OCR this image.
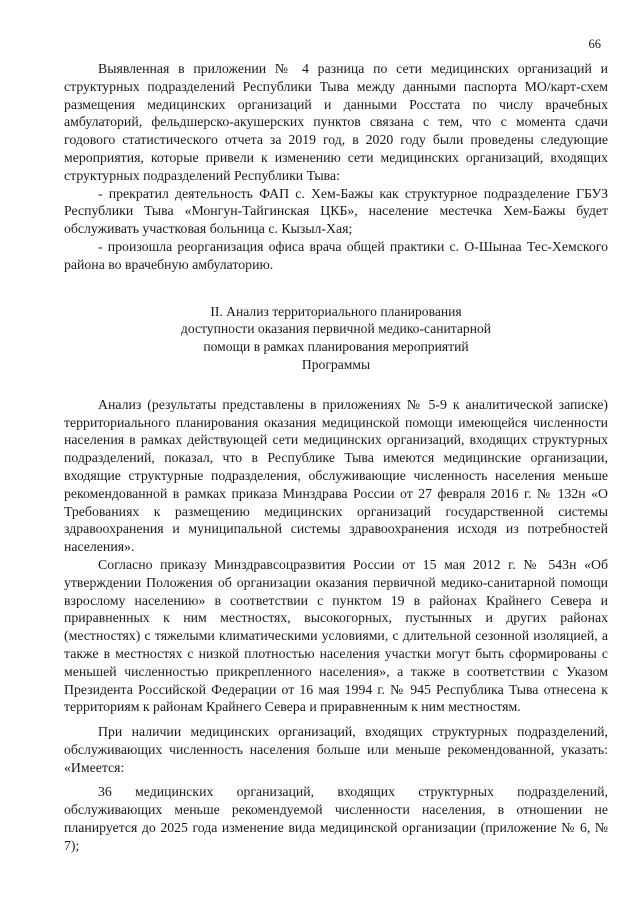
66

Выявленная в приложении № 4 разница по сети медицинских организаций и структурных подразделений Республики Тыва между данными паспорта МО/карт-схем размещения медицинских организаций и данными Росстата по числу врачебных амбулаторий, фельдшерско-акушерских пунктов связана с тем, что с момента сдачи годового статистического отчета за 2019 год, в 2020 году были проведены следующие мероприятия, которые привели к изменению сети медицинских организаций, входящих структурных подразделений Республики Тыва:

- прекратил деятельность ФАП с. Хем-Бажы как структурное подразделение ГБУЗ Республики Тыва «Монгун-Тайгинская ЦКБ», население местечка Хем-Бажы будет обслуживать участковая больница с. Кызыл-Хая;

- произошла реорганизация офиса врача общей практики с. О-Шынаа Тес-Хемского района во врачебную амбулаторию.

II. Анализ территориального планирования
доступности оказания первичной медико-санитарной
помощи в рамках планирования мероприятий
Программы

Анализ (результаты представлены в приложениях № 5-9 к аналитической записке) территориального планирования оказания медицинской помощи имеющейся численности населения в рамках действующей сети медицинских организаций, входящих структурных подразделений, показал, что в Республике Тыва имеются медицинские организации, входящие структурные подразделения, обслуживающие численность населения меньше рекомендованной в рамках приказа Минздрава России от 27 февраля 2016 г. № 132н «О Требованиях к размещению медицинских организаций государственной системы здравоохранения и муниципальной системы здравоохранения исходя из потребностей населения».

Согласно приказу Минздравсоцразвития России от 15 мая 2012 г. № 543н «Об утверждении Положения об организации оказания первичной медико-санитарной помощи взрослому населению» в соответствии с пунктом 19 в районах Крайнего Севера и приравненных к ним местностях, высокогорных, пустынных и других районах (местностях) с тяжелыми климатическими условиями, с длительной сезонной изоляцией, а также в местностях с низкой плотностью населения участки могут быть сформированы с меньшей численностью прикрепленного населения», а также в соответствии с Указом Президента Российской Федерации от 16 мая 1994 г. № 945 Республика Тыва отнесена к территориям к районам Крайнего Севера и приравненным к ним местностям.

При наличии медицинских организаций, входящих структурных подразделений, обслуживающих численность населения больше или меньше рекомендованной, указать: «Имеется:

36 медицинских организаций, входящих структурных подразделений, обслуживающих меньше рекомендуемой численности населения, в отношении не планируется до 2025 года изменение вида медицинской организации (приложение № 6, № 7);
